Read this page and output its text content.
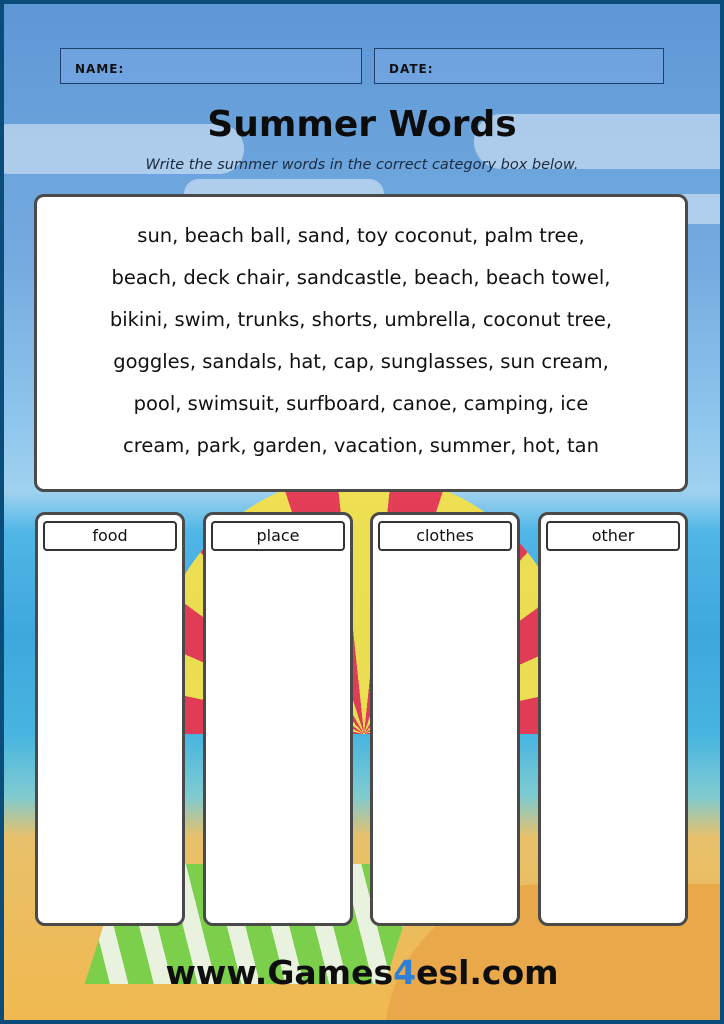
NAME:	DATE:
Summer Words
Write the summer words in the correct category box below.
sun, beach ball, sand, toy coconut, palm tree,
beach, deck chair, sandcastle, beach, beach towel,
bikini, swim, trunks, shorts, umbrella, coconut tree,
goggles, sandals, hat, cap, sunglasses, sun cream,
pool, swimsuit, surfboard, canoe, camping, ice
cream, park, garden, vacation, summer, hot, tan
food	place	clothes	other
www.Games4esl.com
